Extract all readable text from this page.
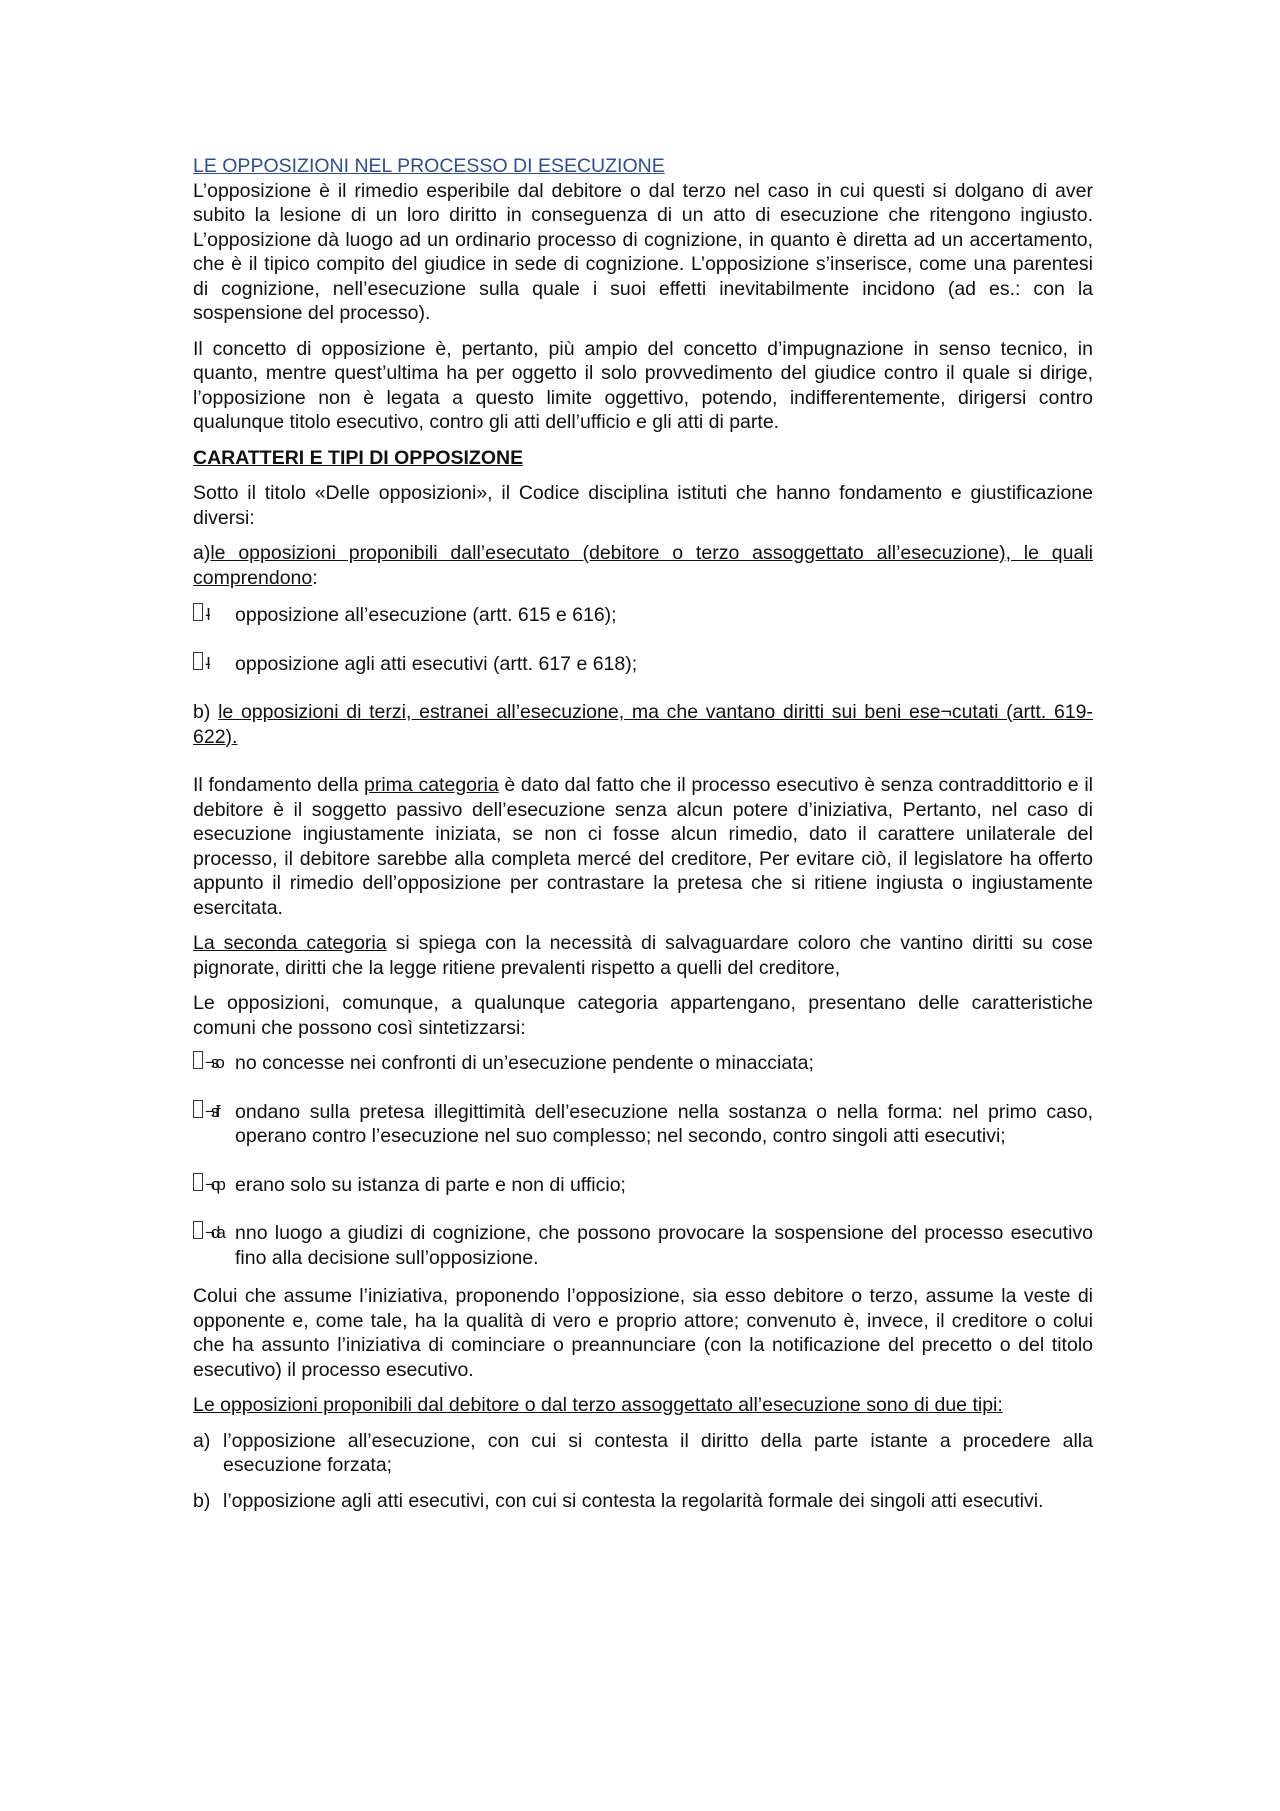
LE OPPOSIZIONI NEL PROCESSO DI ESECUZIONE

L’opposizione è il rimedio esperibile dal debitore o dal terzo nel caso in cui questi si dolgano di aver subito la lesione di un loro diritto in conseguenza di un atto di esecuzione che ritengono ingiusto. L’opposizione dà luogo ad un ordinario processo di cognizione, in quanto è diretta ad un accertamento, che è il tipico compito del giudice in sede di cognizione. L’opposizione s’inserisce, come una parentesi di cognizione, nell’esecuzione sulla quale i suoi effetti inevitabilmente incidono (ad es.: con la sospensione del processo).

Il concetto di opposizione è, pertanto, più ampio del concetto d’impugnazione in senso tecnico, in quanto, mentre quest’ultima ha per oggetto il solo provvedimento del giudice contro il quale si dirige, l’opposizione non è legata a questo limite oggettivo, potendo, indifferentemente, dirigersi contro qualunque titolo esecutivo, contro gli atti dell’ufficio e gli atti di parte.

CARATTERI E TIPI DI OPPOSIZONE

Sotto il titolo «Delle opposizioni», il Codice disciplina istituti che hanno fondamento e giustificazione diversi:

a)le opposizioni proponibili dall’esecutato (debitore o terzo assoggettato all’esecuzione), le quali comprendono:

-l’	opposizione all’esecuzione (artt. 615 e 616);
-l’	opposizione agli atti esecutivi (artt. 617 e 618);

b) le opposizioni di terzi, estranei all’esecuzione, ma che vantano diritti sui beni ese¬cutati (artt. 619-622).

Il fondamento della prima categoria è dato dal fatto che il processo esecutivo è senza contraddittorio e il debitore è il soggetto passivo dell’esecuzione senza alcun potere d’iniziativa, Pertanto, nel caso di esecuzione ingiustamente iniziata, se non ci fosse alcun rimedio, dato il carattere unilaterale del processo, il debitore sarebbe alla completa mercé del creditore, Per evitare ciò, il legislatore ha offerto appunto il rimedio dell’opposizione per contrastare la pretesa che si ritiene ingiusta o ingiustamente esercitata.

La seconda categoria si spiega con la necessità di salvaguardare coloro che vantino diritti su cose pignorate, diritti che la legge ritiene prevalenti rispetto a quelli del creditore,

Le opposizioni, comunque, a qualunque categoria appartengano, presentano delle caratteristiche comuni che possono così sintetizzarsi:

¬so no concesse nei confronti di un’esecuzione pendente o minacciata;
¬si f ondano sulla pretesa illegittimità dell’esecuzione nella sostanza o nella forma: nel primo caso, operano contro l’esecuzione nel suo complesso; nel secondo, contro singoli atti esecutivi;
¬op erano solo su istanza di parte e non di ufficio;
¬da nno luogo a giudizi di cognizione, che possono provocare la sospensione del processo esecutivo fino alla decisione sull’opposizione.

Colui che assume l’iniziativa, proponendo l’opposizione, sia esso debitore o terzo, assume la veste di opponente e, come tale, ha la qualità di vero e proprio attore; convenuto è, invece, il creditore o colui che ha assunto l’iniziativa di cominciare o preannunciare (con la notificazione del precetto o del titolo esecutivo) il processo esecutivo.

Le opposizioni proponibili dal debitore o dal terzo assoggettato all’esecuzione sono di due tipi:

a) l’opposizione all’esecuzione, con cui si contesta il diritto della parte istante a procedere alla esecuzione forzata;
b) l’opposizione agli atti esecutivi, con cui si contesta la regolarità formale dei singoli atti esecutivi.
